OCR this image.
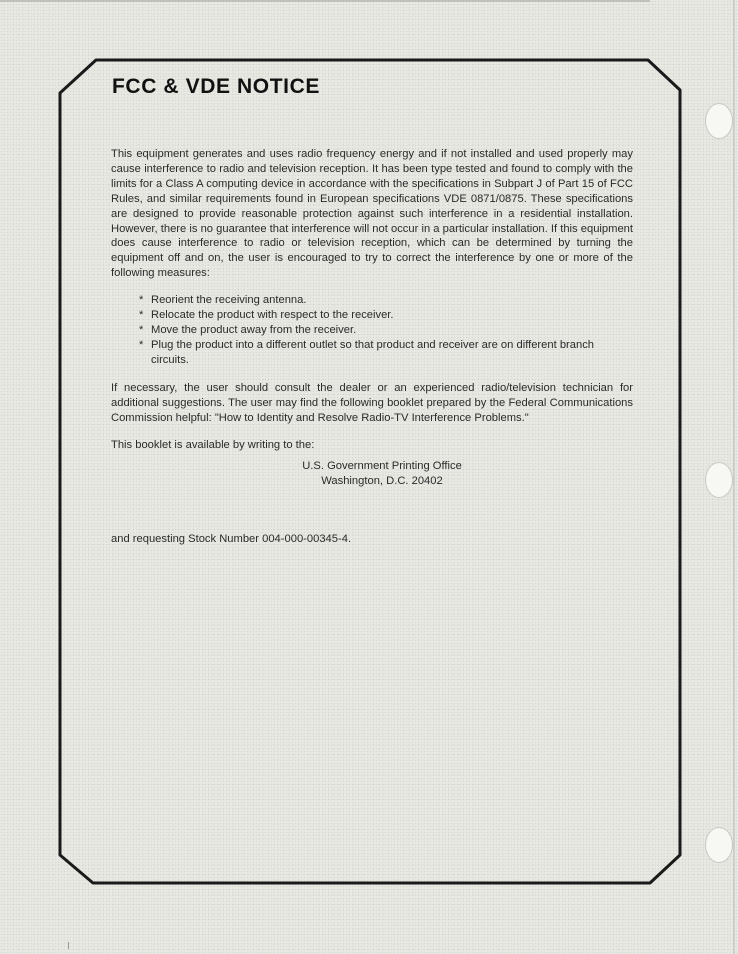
FCC & VDE NOTICE

This equipment generates and uses radio frequency energy and if not installed and used properly may cause interference to radio and television reception. It has been type tested and found to comply with the limits for a Class A computing device in accordance with the specifications in Subpart J of Part 15 of FCC Rules, and similar requirements found in European specifications VDE 0871/0875. These specifications are designed to provide reasonable protection against such interference in a residential installation. However, there is no guarantee that interference will not occur in a particular installation. If this equipment does cause interference to radio or television reception, which can be determined by turning the equipment off and on, the user is encouraged to try to correct the interference by one or more of the following measures:

* Reorient the receiving antenna.
* Relocate the product with respect to the receiver.
* Move the product away from the receiver.
* Plug the product into a different outlet so that product and receiver are on different branch circuits.

If necessary, the user should consult the dealer or an experienced radio/television technician for additional suggestions. The user may find the following booklet prepared by the Federal Communications Commission helpful: "How to Identity and Resolve Radio-TV Interference Problems."

This booklet is available by writing to the:

U.S. Government Printing Office
Washington, D.C. 20402

and requesting Stock Number 004-000-00345-4.
